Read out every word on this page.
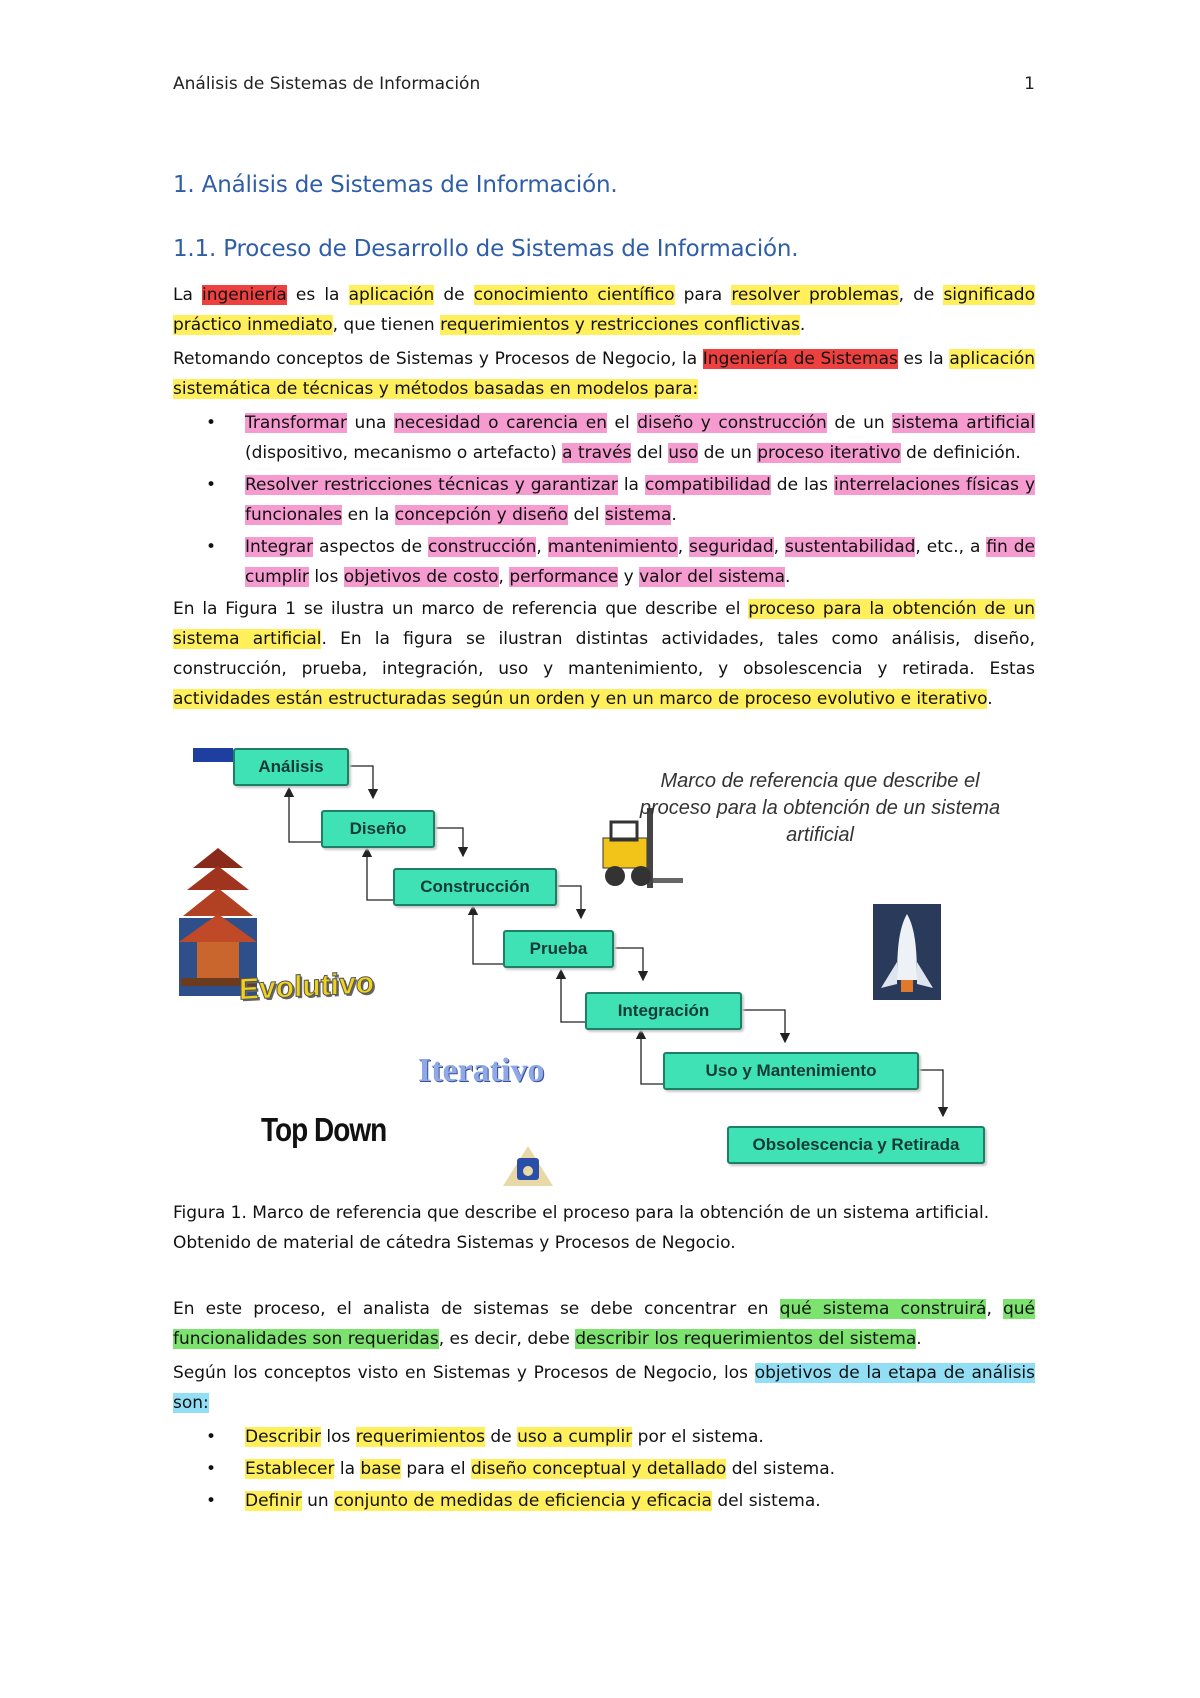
Análisis de Sistemas de Información	1
1. Análisis de Sistemas de Información.
1.1. Proceso de Desarrollo de Sistemas de Información.

La ingeniería es la aplicación de conocimiento científico para resolver problemas, de significado práctico inmediato, que tienen requerimientos y restricciones conflictivas.

Retomando conceptos de Sistemas y Procesos de Negocio, la Ingeniería de Sistemas es la aplicación sistemática de técnicas y métodos basadas en modelos para:

• Transformar una necesidad o carencia en el diseño y construcción de un sistema artificial (dispositivo, mecanismo o artefacto) a través del uso de un proceso iterativo de definición.
• Resolver restricciones técnicas y garantizar la compatibilidad de las interrelaciones físicas y funcionales en la concepción y diseño del sistema.
• Integrar aspectos de construcción, mantenimiento, seguridad, sustentabilidad, etc., a fin de cumplir los objetivos de costo, performance y valor del sistema.

En la Figura 1 se ilustra un marco de referencia que describe el proceso para la obtención de un sistema artificial. En la figura se ilustran distintas actividades, tales como análisis, diseño, construcción, prueba, integración, uso y mantenimiento, y obsolescencia y retirada. Estas actividades están estructuradas según un orden y en un marco de proceso evolutivo e iterativo.

Marco de referencia que describe el proceso para la obtención de un sistema artificial
Análisis
Diseño
Construcción
Prueba
Integración
Uso y Mantenimiento
Obsolescencia y Retirada
Evolutivo
Iterativo
Top Down
Figura 1. Marco de referencia que describe el proceso para la obtención de un sistema artificial.
Obtenido de material de cátedra Sistemas y Procesos de Negocio.

En este proceso, el analista de sistemas se debe concentrar en qué sistema construirá, qué funcionalidades son requeridas, es decir, debe describir los requerimientos del sistema.

Según los conceptos visto en Sistemas y Procesos de Negocio, los objetivos de la etapa de análisis son:

• Describir los requerimientos de uso a cumplir por el sistema.
• Establecer la base para el diseño conceptual y detallado del sistema.
• Definir un conjunto de medidas de eficiencia y eficacia del sistema.
